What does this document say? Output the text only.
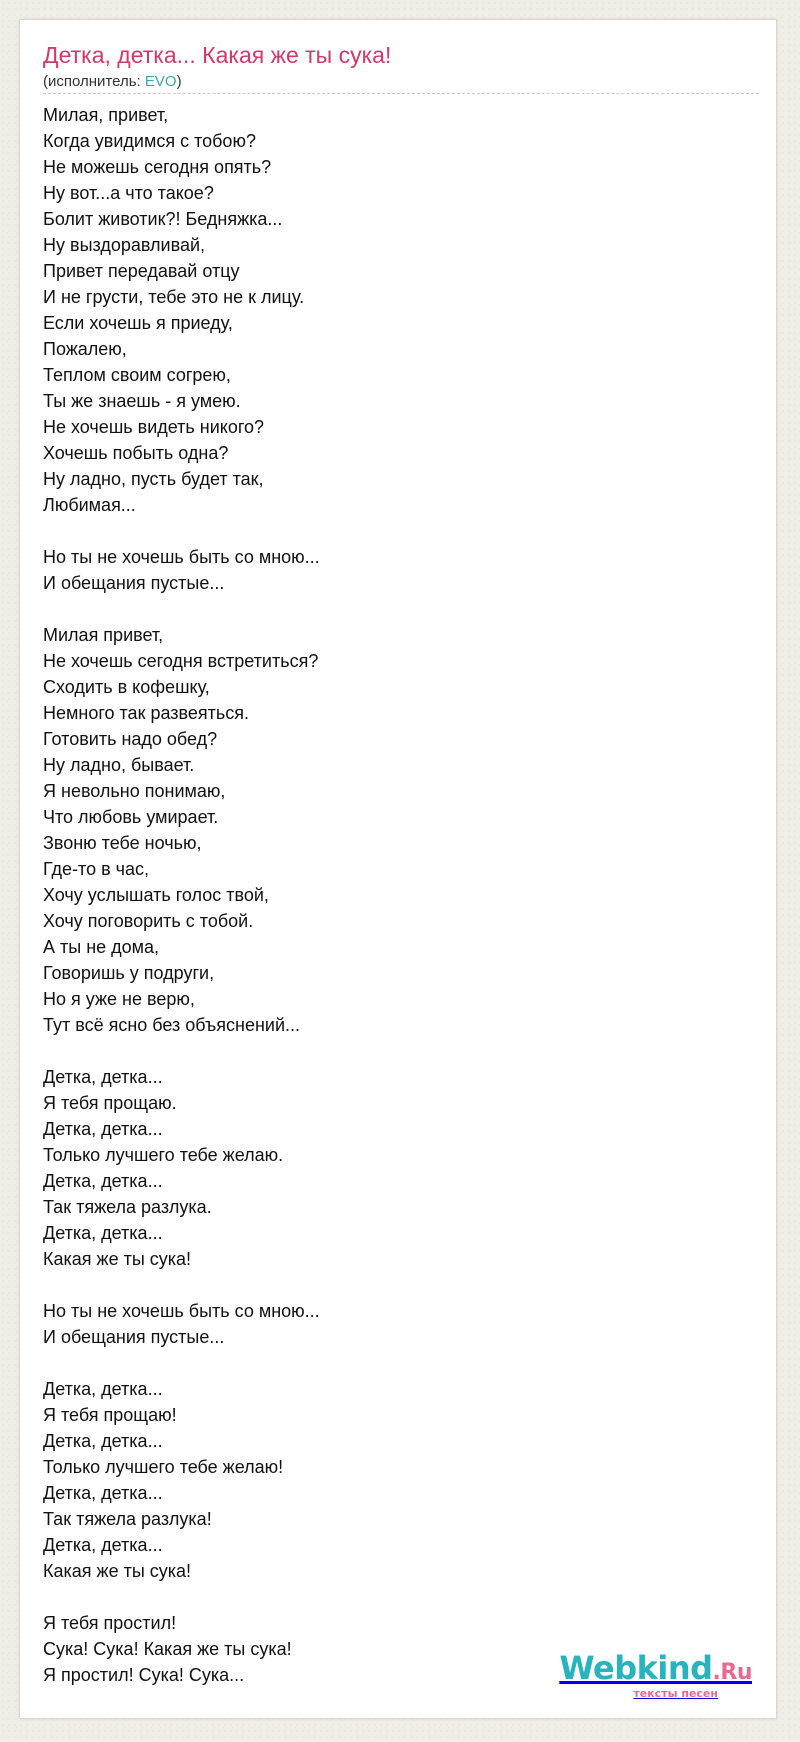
Детка, детка... Какая же ты сука!
(исполнитель: EVO)
Милая, привет,
Когда увидимся с тобою?
Не можешь сегодня опять?
Ну вот...а что такое?
Болит животик?! Бедняжка...
Ну выздоравливай,
Привет передавай отцу
И не грусти, тебе это не к лицу.
Если хочешь я приеду,
Пожалею,
Теплом своим согрею,
Ты же знаешь - я умею.
Не хочешь видеть никого?
Хочешь побыть одна?
Ну ладно, пусть будет так,
Любимая...
Но ты не хочешь быть со мною...
И обещания пустые...
Милая привет,
Не хочешь сегодня встретиться?
Сходить в кофешку,
Немного так развеяться.
Готовить надо обед?
Ну ладно, бывает.
Я невольно понимаю,
Что любовь умирает.
Звоню тебе ночью,
Где-то в час,
Хочу услышать голос твой,
Хочу поговорить с тобой.
А ты не дома,
Говоришь у подруги,
Но я уже не верю,
Тут всё ясно без объяснений...
Детка, детка...
Я тебя прощаю.
Детка, детка...
Только лучшего тебе желаю.
Детка, детка...
Так тяжела разлука.
Детка, детка...
Какая же ты сука!
Но ты не хочешь быть со мною...
И обещания пустые...
Детка, детка...
Я тебя прощаю!
Детка, детка...
Только лучшего тебе желаю!
Детка, детка...
Так тяжела разлука!
Детка, детка...
Какая же ты сука!
Я тебя простил!
Сука! Сука! Какая же ты сука!
Я простил! Сука! Сука...	Webkind.Ru
тексты песен
